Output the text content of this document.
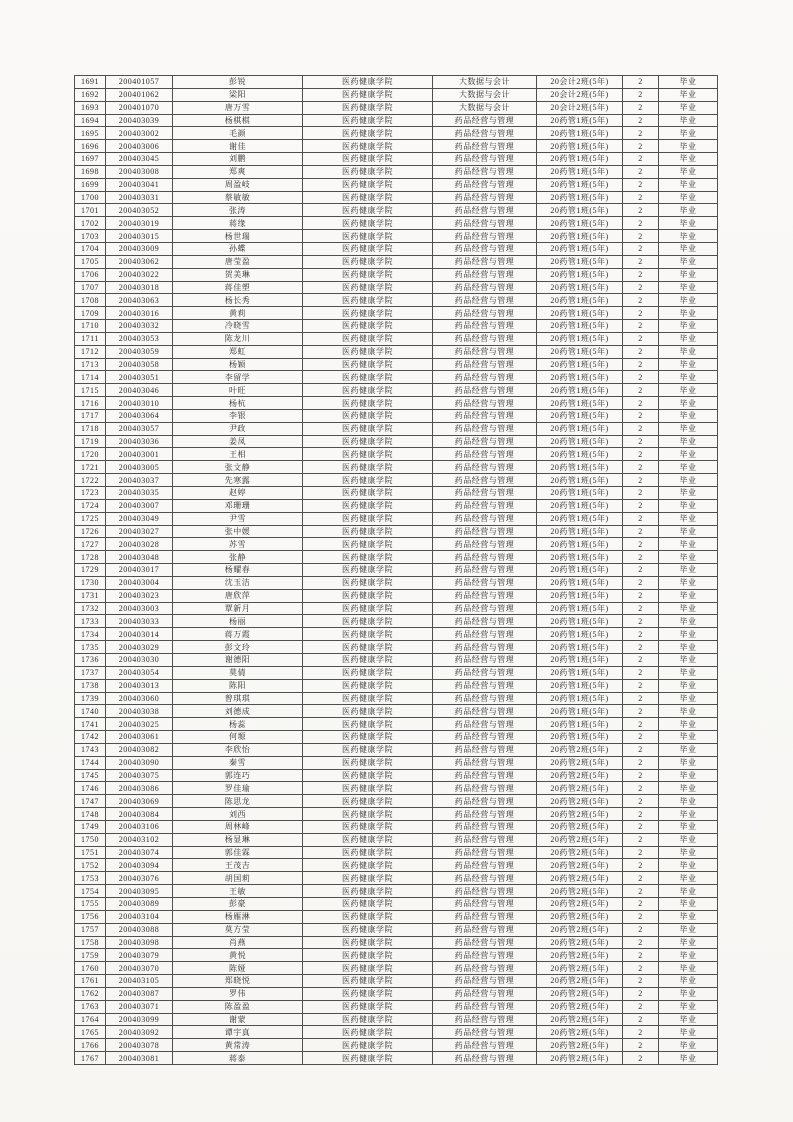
1691	200401057	彭锐	医药健康学院	大数据与会计	20会计2班(5年)	2	毕业
1692	200401062	梁阳	医药健康学院	大数据与会计	20会计2班(5年)	2	毕业
1693	200401070	唐万雪	医药健康学院	大数据与会计	20会计2班(5年)	2	毕业
1694	200403039	杨棋棋	医药健康学院	药品经营与管理	20药管1班(5年)	2	毕业
1695	200403002	毛颜	医药健康学院	药品经营与管理	20药管1班(5年)	2	毕业
1696	200403006	谢佳	医药健康学院	药品经营与管理	20药管1班(5年)	2	毕业
1697	200403045	刘鹏	医药健康学院	药品经营与管理	20药管1班(5年)	2	毕业
1698	200403008	郑爽	医药健康学院	药品经营与管理	20药管1班(5年)	2	毕业
1699	200403041	周盈岐	医药健康学院	药品经营与管理	20药管1班(5年)	2	毕业
1700	200403031	蔡敏敏	医药健康学院	药品经营与管理	20药管1班(5年)	2	毕业
1701	200403052	张涛	医药健康学院	药品经营与管理	20药管1班(5年)	2	毕业
1702	200403019	蒋缘	医药健康学院	药品经营与管理	20药管1班(5年)	2	毕业
1703	200403015	杨世瑞	医药健康学院	药品经营与管理	20药管1班(5年)	2	毕业
1704	200403009	孙蝶	医药健康学院	药品经营与管理	20药管1班(5年)	2	毕业
1705	200403062	唐莹盈	医药健康学院	药品经营与管理	20药管1班(5年)	2	毕业
1706	200403022	贺美琳	医药健康学院	药品经营与管理	20药管1班(5年)	2	毕业
1707	200403018	蒋佳塑	医药健康学院	药品经营与管理	20药管1班(5年)	2	毕业
1708	200403063	杨长秀	医药健康学院	药品经营与管理	20药管1班(5年)	2	毕业
1709	200403016	黄莉	医药健康学院	药品经营与管理	20药管1班(5年)	2	毕业
1710	200403032	冷晓雪	医药健康学院	药品经营与管理	20药管1班(5年)	2	毕业
1711	200403053	陈龙川	医药健康学院	药品经营与管理	20药管1班(5年)	2	毕业
1712	200403059	郑虹	医药健康学院	药品经营与管理	20药管1班(5年)	2	毕业
1713	200403058	杨颖	医药健康学院	药品经营与管理	20药管1班(5年)	2	毕业
1714	200403051	李留学	医药健康学院	药品经营与管理	20药管1班(5年)	2	毕业
1715	200403046	叶旺	医药健康学院	药品经营与管理	20药管1班(5年)	2	毕业
1716	200403010	杨杭	医药健康学院	药品经营与管理	20药管1班(5年)	2	毕业
1717	200403064	李银	医药健康学院	药品经营与管理	20药管1班(5年)	2	毕业
1718	200403057	尹政	医药健康学院	药品经营与管理	20药管1班(5年)	2	毕业
1719	200403036	姜凤	医药健康学院	药品经营与管理	20药管1班(5年)	2	毕业
1720	200403001	王相	医药健康学院	药品经营与管理	20药管1班(5年)	2	毕业
1721	200403005	张文静	医药健康学院	药品经营与管理	20药管1班(5年)	2	毕业
1722	200403037	先寒露	医药健康学院	药品经营与管理	20药管1班(5年)	2	毕业
1723	200403035	赵婷	医药健康学院	药品经营与管理	20药管1班(5年)	2	毕业
1724	200403007	邓珊珊	医药健康学院	药品经营与管理	20药管1班(5年)	2	毕业
1725	200403049	尹雪	医药健康学院	药品经营与管理	20药管1班(5年)	2	毕业
1726	200403027	张中媛	医药健康学院	药品经营与管理	20药管1班(5年)	2	毕业
1727	200403028	苏雪	医药健康学院	药品经营与管理	20药管1班(5年)	2	毕业
1728	200403048	张静	医药健康学院	药品经营与管理	20药管1班(5年)	2	毕业
1729	200403017	杨耀春	医药健康学院	药品经营与管理	20药管1班(5年)	2	毕业
1730	200403004	沈玉洁	医药健康学院	药品经营与管理	20药管1班(5年)	2	毕业
1731	200403023	唐欣萍	医药健康学院	药品经营与管理	20药管1班(5年)	2	毕业
1732	200403003	覃新月	医药健康学院	药品经营与管理	20药管1班(5年)	2	毕业
1733	200403033	杨丽	医药健康学院	药品经营与管理	20药管1班(5年)	2	毕业
1734	200403014	蒋万霞	医药健康学院	药品经营与管理	20药管1班(5年)	2	毕业
1735	200403029	彭文玲	医药健康学院	药品经营与管理	20药管1班(5年)	2	毕业
1736	200403030	谢德阳	医药健康学院	药品经营与管理	20药管1班(5年)	2	毕业
1737	200403054	莫倩	医药健康学院	药品经营与管理	20药管1班(5年)	2	毕业
1738	200403013	陈阳	医药健康学院	药品经营与管理	20药管1班(5年)	2	毕业
1739	200403060	曾琪琪	医药健康学院	药品经营与管理	20药管1班(5年)	2	毕业
1740	200403038	刘德成	医药健康学院	药品经营与管理	20药管1班(5年)	2	毕业
1741	200403025	杨蕊	医药健康学院	药品经营与管理	20药管1班(5年)	2	毕业
1742	200403061	何塬	医药健康学院	药品经营与管理	20药管1班(5年)	2	毕业
1743	200403082	李欣怡	医药健康学院	药品经营与管理	20药管2班(5年)	2	毕业
1744	200403090	秦雪	医药健康学院	药品经营与管理	20药管2班(5年)	2	毕业
1745	200403075	郭连巧	医药健康学院	药品经营与管理	20药管2班(5年)	2	毕业
1746	200403086	罗佳瑜	医药健康学院	药品经营与管理	20药管2班(5年)	2	毕业
1747	200403069	陈思龙	医药健康学院	药品经营与管理	20药管2班(5年)	2	毕业
1748	200403084	刘西	医药健康学院	药品经营与管理	20药管2班(5年)	2	毕业
1749	200403106	周林峰	医药健康学院	药品经营与管理	20药管2班(5年)	2	毕业
1750	200403102	杨显琳	医药健康学院	药品经营与管理	20药管2班(5年)	2	毕业
1751	200403074	郭佳霖	医药健康学院	药品经营与管理	20药管2班(5年)	2	毕业
1752	200403094	王茂吉	医药健康学院	药品经营与管理	20药管2班(5年)	2	毕业
1753	200403076	胡国莉	医药健康学院	药品经营与管理	20药管2班(5年)	2	毕业
1754	200403095	王敏	医药健康学院	药品经营与管理	20药管2班(5年)	2	毕业
1755	200403089	彭豪	医药健康学院	药品经营与管理	20药管2班(5年)	2	毕业
1756	200403104	杨雁淋	医药健康学院	药品经营与管理	20药管2班(5年)	2	毕业
1757	200403088	莫方莹	医药健康学院	药品经营与管理	20药管2班(5年)	2	毕业
1758	200403098	肖燕	医药健康学院	药品经营与管理	20药管2班(5年)	2	毕业
1759	200403079	黄悦	医药健康学院	药品经营与管理	20药管2班(5年)	2	毕业
1760	200403070	陈娅	医药健康学院	药品经营与管理	20药管2班(5年)	2	毕业
1761	200403105	郑晓悦	医药健康学院	药品经营与管理	20药管2班(5年)	2	毕业
1762	200403087	罗伟	医药健康学院	药品经营与管理	20药管2班(5年)	2	毕业
1763	200403071	陈盈盈	医药健康学院	药品经营与管理	20药管2班(5年)	2	毕业
1764	200403099	谢蒙	医药健康学院	药品经营与管理	20药管2班(5年)	2	毕业
1765	200403092	谭宇真	医药健康学院	药品经营与管理	20药管2班(5年)	2	毕业
1766	200403078	黄常涛	医药健康学院	药品经营与管理	20药管2班(5年)	2	毕业
1767	200403081	蒋泰	医药健康学院	药品经营与管理	20药管2班(5年)	2	毕业
